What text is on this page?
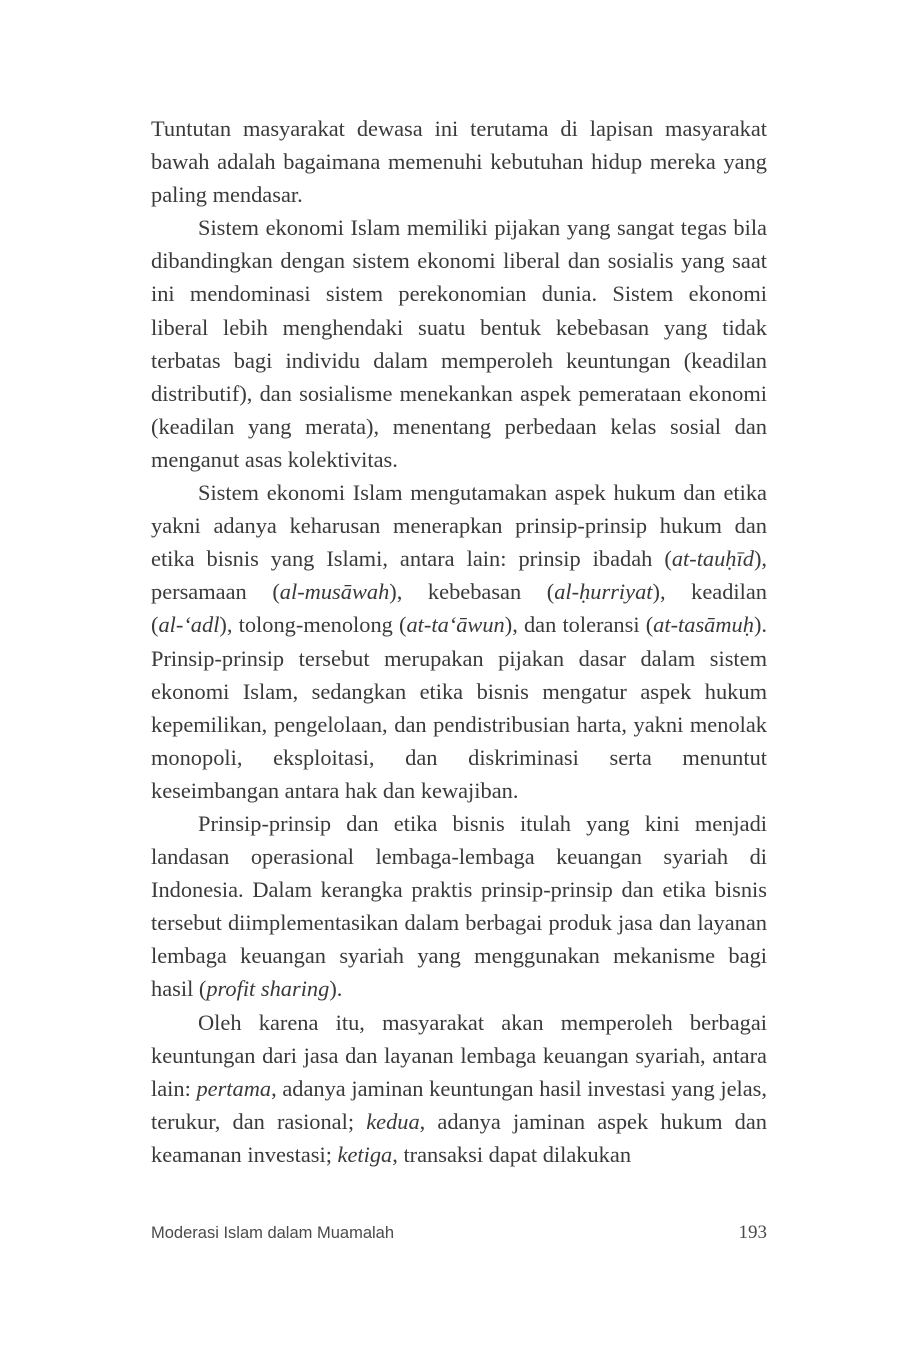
Tuntutan masyarakat dewasa ini terutama di lapisan masyarakat bawah adalah bagaimana memenuhi kebutuhan hidup mereka yang paling mendasar.

Sistem ekonomi Islam memiliki pijakan yang sangat tegas bila dibandingkan dengan sistem ekonomi liberal dan sosialis yang saat ini mendominasi sistem perekonomian dunia. Sistem ekonomi liberal lebih menghendaki suatu bentuk kebebasan yang tidak terbatas bagi individu dalam memperoleh keuntungan (keadilan distributif), dan sosialisme menekankan aspek pemerataan ekonomi (keadilan yang merata), menentang perbedaan kelas sosial dan menganut asas kolektivitas.

Sistem ekonomi Islam mengutamakan aspek hukum dan etika yakni adanya keharusan menerapkan prinsip-prinsip hukum dan etika bisnis yang Islami, antara lain: prinsip ibadah (at-tauḥīd), persamaan (al-musāwah), kebebasan (al-ḥurriyat), keadilan (al-‘adl), tolong-menolong (at-ta‘āwun), dan toleransi (at-tasāmuḥ). Prinsip-prinsip tersebut merupakan pijakan dasar dalam sistem ekonomi Islam, sedangkan etika bisnis mengatur aspek hukum kepemilikan, pengelolaan, dan pendistribusian harta, yakni menolak monopoli, eksploitasi, dan diskriminasi serta menuntut keseimbangan antara hak dan kewajiban.

Prinsip-prinsip dan etika bisnis itulah yang kini menjadi landasan operasional lembaga-lembaga keuangan syariah di Indonesia. Dalam kerangka praktis prinsip-prinsip dan etika bisnis tersebut diimplementasikan dalam berbagai produk jasa dan layanan lembaga keuangan syariah yang menggunakan mekanisme bagi hasil (profit sharing).

Oleh karena itu, masyarakat akan memperoleh berbagai keuntungan dari jasa dan layanan lembaga keuangan syariah, antara lain: pertama, adanya jaminan keuntungan hasil investasi yang jelas, terukur, dan rasional; kedua, adanya jaminan aspek hukum dan keamanan investasi; ketiga, transaksi dapat dilakukan

Moderasi Islam dalam Muamalah	193
